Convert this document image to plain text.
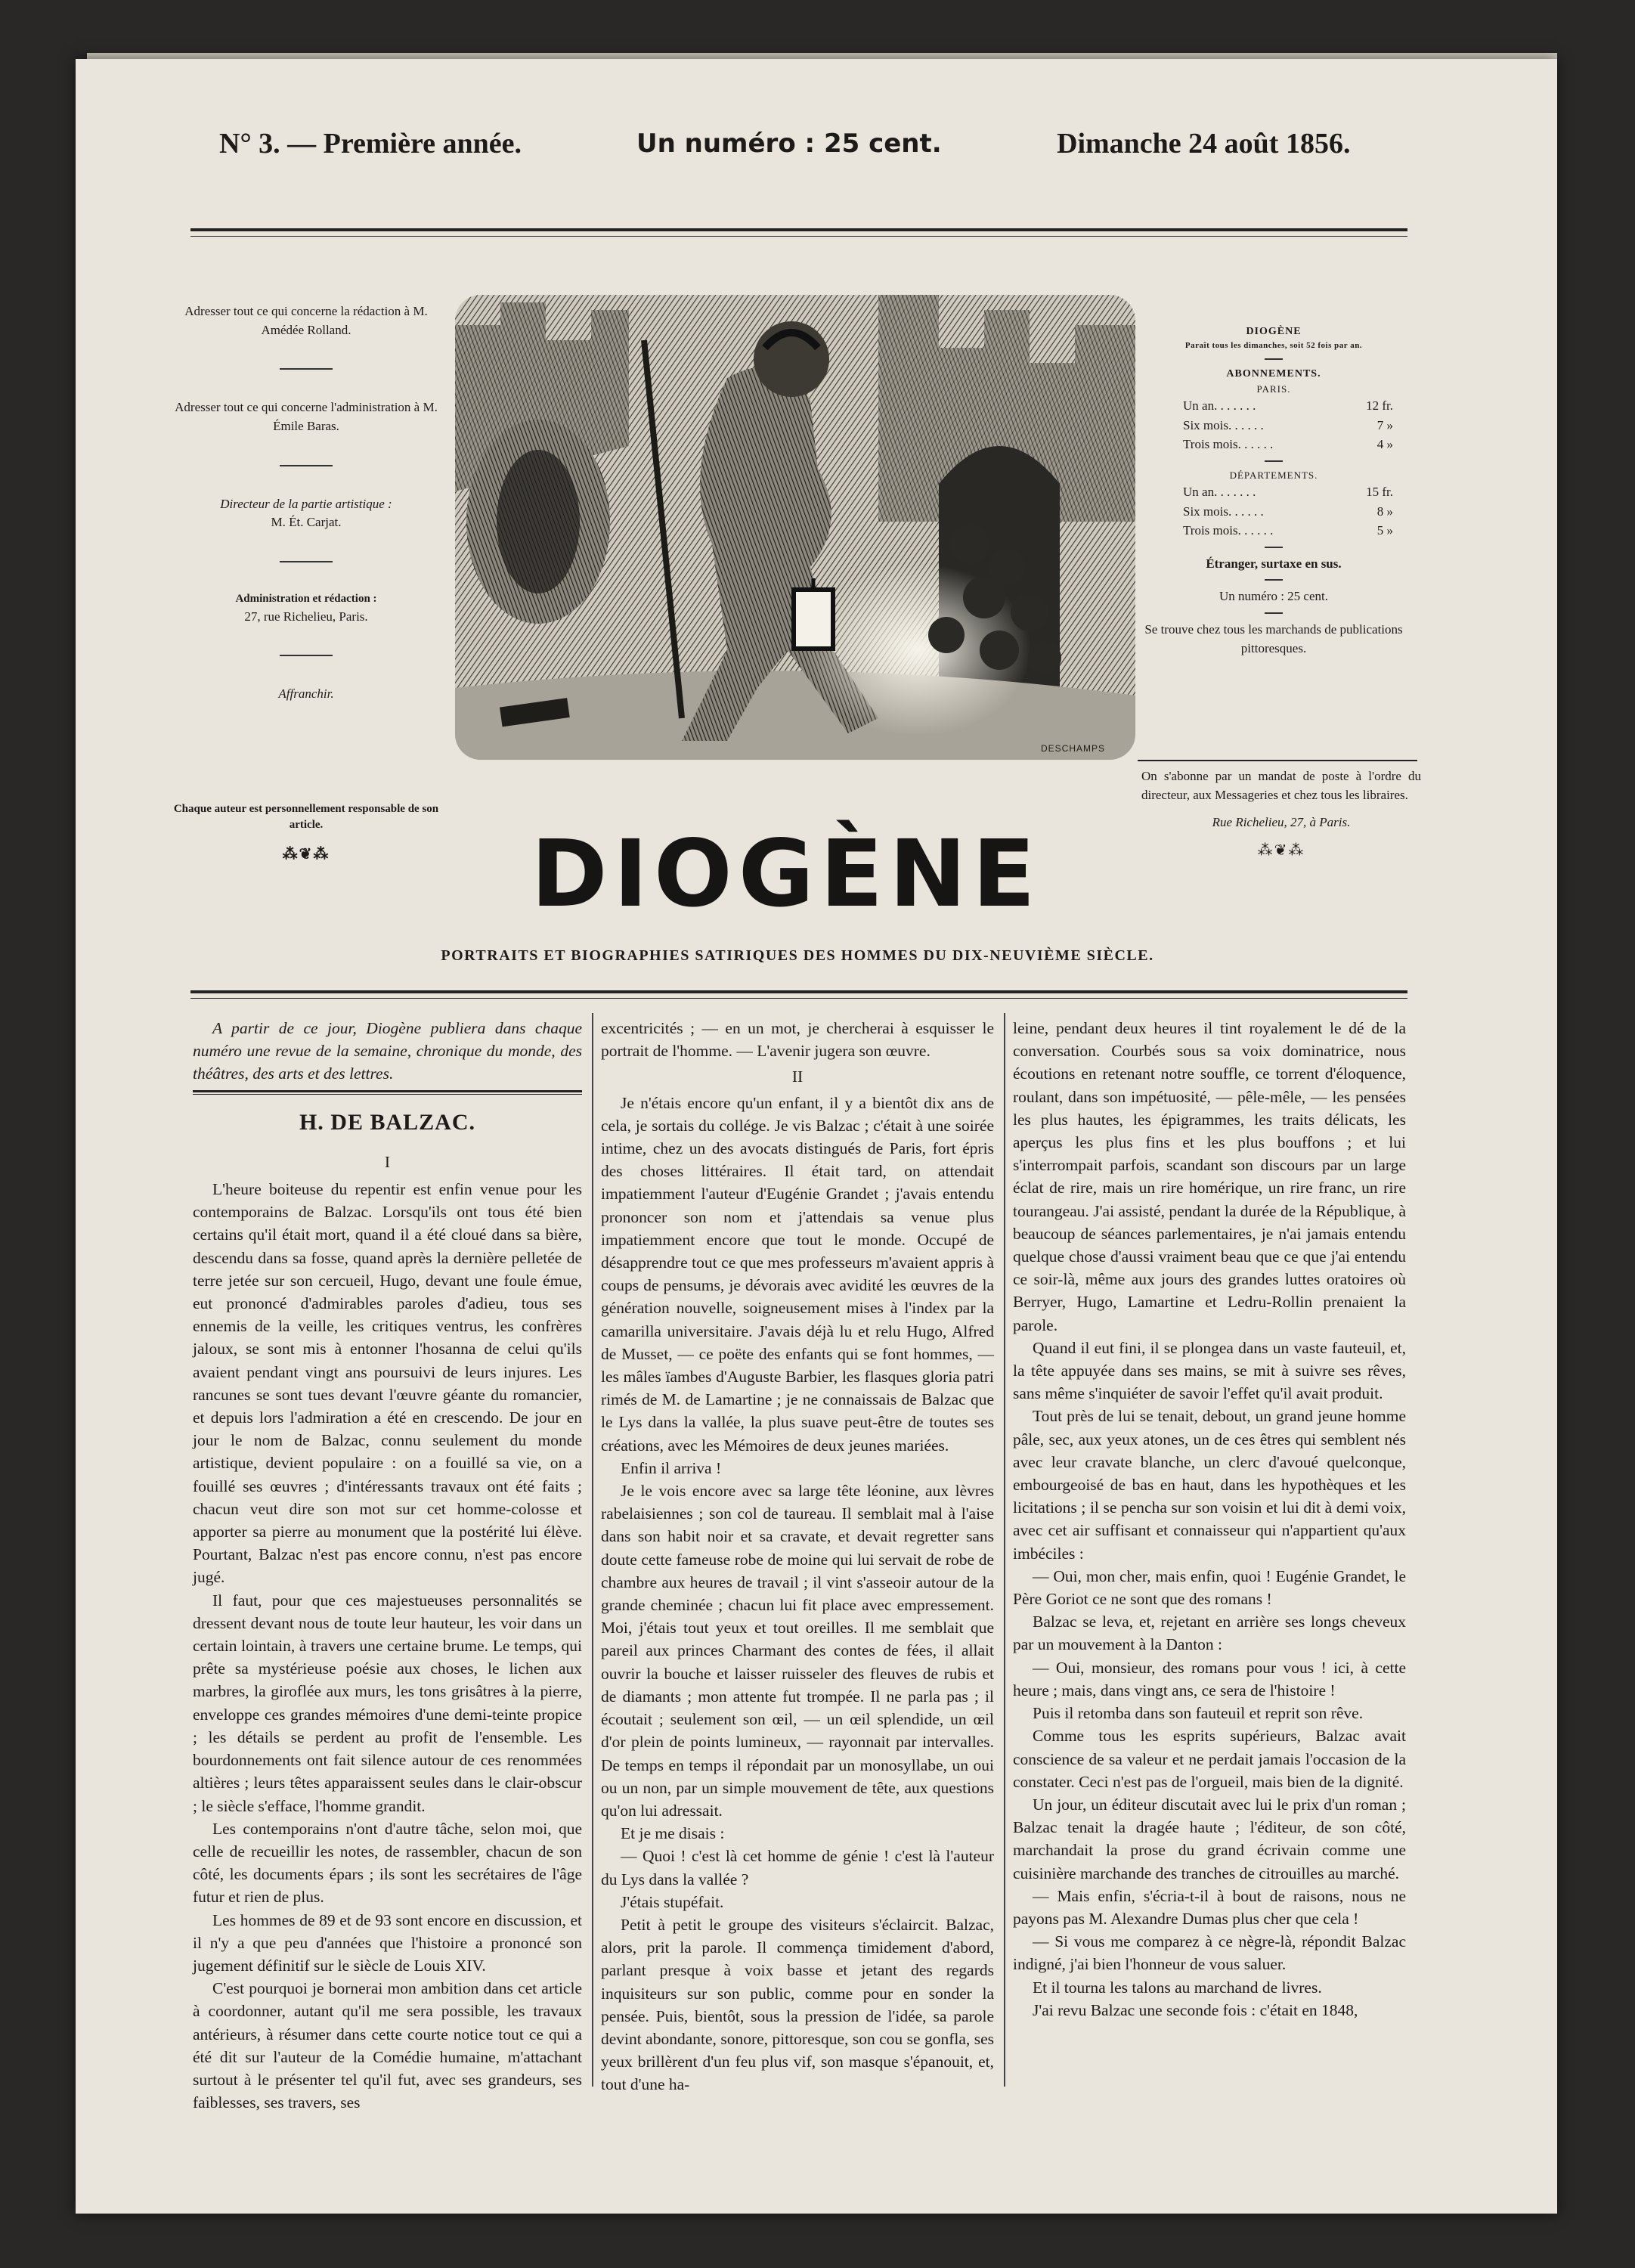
N° 3. — Première année.	Un numéro : 25 cent.	Dimanche 24 août 1856.
Adresser tout ce qui concerne la rédaction à M. Amédée Rolland.
Adresser tout ce qui concerne l'administration à M. Émile Baras.
Directeur de la partie artistique :
M. Ét. Carjat.
Administration et rédaction :
27, rue Richelieu, Paris.
Affranchir.
Chaque auteur est personnellement responsable de son article.
⁂❦⁂
DESCHAMPS
DIOGÈNE
Paraît tous les dimanches, soit 52 fois par an.
ABONNEMENTS.
PARIS.
Un an. . . . . . .	12 fr.
Six mois. . . . . .	7 »
Trois mois. . . . . .	4 »
DÉPARTEMENTS.
Un an. . . . . . .	15 fr.
Six mois. . . . . .	8 »
Trois mois. . . . . .	5 »
Étranger, surtaxe en sus.
Un numéro : 25 cent.
Se trouve chez tous les marchands de publications pittoresques.
On s'abonne par un mandat de poste à l'ordre du directeur, aux Messageries et chez tous les libraires.
Rue Richelieu, 27, à Paris.
⁂❦⁂
DIOGÈNE
PORTRAITS ET BIOGRAPHIES SATIRIQUES DES HOMMES DU DIX-NEUVIÈME SIÈCLE.
A partir de ce jour, Diogène publiera dans chaque numéro une revue de la semaine, chronique du monde, des théâtres, des arts et des lettres.
H. DE BALZAC.
I

L'heure boiteuse du repentir est enfin venue pour les contemporains de Balzac. Lorsqu'ils ont tous été bien certains qu'il était mort, quand il a été cloué dans sa bière, descendu dans sa fosse, quand après la dernière pelletée de terre jetée sur son cercueil, Hugo, devant une foule émue, eut prononcé d'admirables paroles d'adieu, tous ses ennemis de la veille, les critiques ventrus, les confrères jaloux, se sont mis à entonner l'hosanna de celui qu'ils avaient pendant vingt ans poursuivi de leurs injures. Les rancunes se sont tues devant l'œuvre géante du romancier, et depuis lors l'admiration a été en crescendo. De jour en jour le nom de Balzac, connu seulement du monde artistique, devient populaire : on a fouillé sa vie, on a fouillé ses œuvres ; d'intéressants travaux ont été faits ; chacun veut dire son mot sur cet homme-colosse et apporter sa pierre au monument que la postérité lui élève. Pourtant, Balzac n'est pas encore connu, n'est pas encore jugé.

Il faut, pour que ces majestueuses personnalités se dressent devant nous de toute leur hauteur, les voir dans un certain lointain, à travers une certaine brume. Le temps, qui prête sa mystérieuse poésie aux choses, le lichen aux marbres, la giroflée aux murs, les tons grisâtres à la pierre, enveloppe ces grandes mémoires d'une demi-teinte propice ; les détails se perdent au profit de l'ensemble. Les bourdonnements ont fait silence autour de ces renommées altières ; leurs têtes apparaissent seules dans le clair-obscur ; le siècle s'efface, l'homme grandit.

Les contemporains n'ont d'autre tâche, selon moi, que celle de recueillir les notes, de rassembler, chacun de son côté, les documents épars ; ils sont les secrétaires de l'âge futur et rien de plus.

Les hommes de 89 et de 93 sont encore en discussion, et il n'y a que peu d'années que l'histoire a prononcé son jugement définitif sur le siècle de Louis XIV.

C'est pourquoi je bornerai mon ambition dans cet article à coordonner, autant qu'il me sera possible, les travaux antérieurs, à résumer dans cette courte notice tout ce qui a été dit sur l'auteur de la Comédie humaine, m'attachant surtout à le présenter tel qu'il fut, avec ses grandeurs, ses faiblesses, ses travers, ses

excentricités ; — en un mot, je chercherai à esquisser le portrait de l'homme. — L'avenir jugera son œuvre.
II

Je n'étais encore qu'un enfant, il y a bientôt dix ans de cela, je sortais du collége. Je vis Balzac ; c'était à une soirée intime, chez un des avocats distingués de Paris, fort épris des choses littéraires. Il était tard, on attendait impatiemment l'auteur d'Eugénie Grandet ; j'avais entendu prononcer son nom et j'attendais sa venue plus impatiemment encore que tout le monde. Occupé de désapprendre tout ce que mes professeurs m'avaient appris à coups de pensums, je dévorais avec avidité les œuvres de la génération nouvelle, soigneusement mises à l'index par la camarilla universitaire. J'avais déjà lu et relu Hugo, Alfred de Musset, — ce poëte des enfants qui se font hommes, — les mâles ïambes d'Auguste Barbier, les flasques gloria patri rimés de M. de Lamartine ; je ne connaissais de Balzac que le Lys dans la vallée, la plus suave peut-être de toutes ses créations, avec les Mémoires de deux jeunes mariées.

Enfin il arriva !

Je le vois encore avec sa large tête léonine, aux lèvres rabelaisiennes ; son col de taureau. Il semblait mal à l'aise dans son habit noir et sa cravate, et devait regretter sans doute cette fameuse robe de moine qui lui servait de robe de chambre aux heures de travail ; il vint s'asseoir autour de la grande cheminée ; chacun lui fit place avec empressement. Moi, j'étais tout yeux et tout oreilles. Il me semblait que pareil aux princes Charmant des contes de fées, il allait ouvrir la bouche et laisser ruisseler des fleuves de rubis et de diamants ; mon attente fut trompée. Il ne parla pas ; il écoutait ; seulement son œil, — un œil splendide, un œil d'or plein de points lumineux, — rayonnait par intervalles. De temps en temps il répondait par un monosyllabe, un oui ou un non, par un simple mouvement de tête, aux questions qu'on lui adressait.

Et je me disais :

— Quoi ! c'est là cet homme de génie ! c'est là l'auteur du Lys dans la vallée ?

J'étais stupéfait.

Petit à petit le groupe des visiteurs s'éclaircit. Balzac, alors, prit la parole. Il commença timidement d'abord, parlant presque à voix basse et jetant des regards inquisiteurs sur son public, comme pour en sonder la pensée. Puis, bientôt, sous la pression de l'idée, sa parole devint abondante, sonore, pittoresque, son cou se gonfla, ses yeux brillèrent d'un feu plus vif, son masque s'épanouit, et, tout d'une ha-

leine, pendant deux heures il tint royalement le dé de la conversation. Courbés sous sa voix dominatrice, nous écoutions en retenant notre souffle, ce torrent d'éloquence, roulant, dans son impétuosité, — pêle-mêle, — les pensées les plus hautes, les épigrammes, les traits délicats, les aperçus les plus fins et les plus bouffons ; et lui s'interrompait parfois, scandant son discours par un large éclat de rire, mais un rire homérique, un rire franc, un rire tourangeau. J'ai assisté, pendant la durée de la République, à beaucoup de séances parlementaires, je n'ai jamais entendu quelque chose d'aussi vraiment beau que ce que j'ai entendu ce soir-là, même aux jours des grandes luttes oratoires où Berryer, Hugo, Lamartine et Ledru-Rollin prenaient la parole.

Quand il eut fini, il se plongea dans un vaste fauteuil, et, la tête appuyée dans ses mains, se mit à suivre ses rêves, sans même s'inquiéter de savoir l'effet qu'il avait produit.

Tout près de lui se tenait, debout, un grand jeune homme pâle, sec, aux yeux atones, un de ces êtres qui semblent nés avec leur cravate blanche, un clerc d'avoué quelconque, embourgeoisé de bas en haut, dans les hypothèques et les licitations ; il se pencha sur son voisin et lui dit à demi voix, avec cet air suffisant et connaisseur qui n'appartient qu'aux imbéciles :

— Oui, mon cher, mais enfin, quoi ! Eugénie Grandet, le Père Goriot ce ne sont que des romans !

Balzac se leva, et, rejetant en arrière ses longs cheveux par un mouvement à la Danton :

— Oui, monsieur, des romans pour vous ! ici, à cette heure ; mais, dans vingt ans, ce sera de l'histoire !

Puis il retomba dans son fauteuil et reprit son rêve.

Comme tous les esprits supérieurs, Balzac avait conscience de sa valeur et ne perdait jamais l'occasion de la constater. Ceci n'est pas de l'orgueil, mais bien de la dignité.

Un jour, un éditeur discutait avec lui le prix d'un roman ; Balzac tenait la dragée haute ; l'éditeur, de son côté, marchandait la prose du grand écrivain comme une cuisinière marchande des tranches de citrouilles au marché.

— Mais enfin, s'écria-t-il à bout de raisons, nous ne payons pas M. Alexandre Dumas plus cher que cela !

— Si vous me comparez à ce nègre-là, répondit Balzac indigné, j'ai bien l'honneur de vous saluer.

Et il tourna les talons au marchand de livres.

J'ai revu Balzac une seconde fois : c'était en 1848,
